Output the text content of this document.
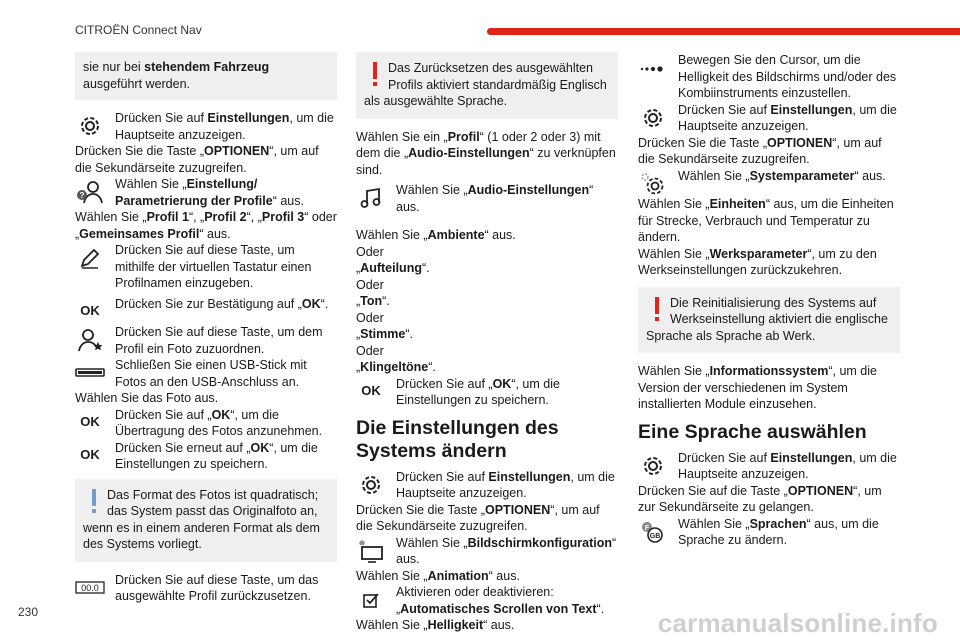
CITROËN Connect Nav
sie nur bei stehendem Fahrzeug ausgeführt werden.
Drücken Sie auf Einstellungen, um die Hauptseite anzuzeigen.

Drücken Sie die Taste „OPTIONEN“, um auf die Sekundärseite zuzugreifen.

?
Wählen Sie „Einstellung/ Parametrierung der Profile“ aus.

Wählen Sie „Profil 1“, „Profil 2“, „Profil 3“ oder „Gemeinsames Profil“ aus.

Drücken Sie auf diese Taste, um mithilfe der virtuellen Tastatur einen Profilnamen einzugeben.
OK	Drücken Sie zur Bestätigung auf „OK“.
Drücken Sie auf diese Taste, um dem Profil ein Foto zuzuordnen.
Schließen Sie einen USB-Stick mit Fotos an den USB-Anschluss an.

Wählen Sie das Foto aus.

OK	Drücken Sie auf „OK“, um die Übertragung des Fotos anzunehmen.
OK	Drücken Sie erneut auf „OK“, um die Einstellungen zu speichern.
Das Format des Fotos ist quadratisch; das System passt das Originalfoto an, wenn es in einem anderen Format als dem des Systems vorliegt.
00.0
Drücken Sie auf diese Taste, um das ausgewählte Profil zurückzusetzen.
Das Zurücksetzen des ausgewählten Profils aktiviert standardmäßig Englisch als ausgewählte Sprache.

Wählen Sie ein „Profil“ (1 oder 2 oder 3) mit dem die „Audio-Einstellungen“ zu verknüpfen sind.

Wählen Sie „Audio-Einstellungen“ aus.

Wählen Sie „Ambiente“ aus.

Oder

„Aufteilung“.

Oder

„Ton“.

Oder

„Stimme“.

Oder

„Klingeltöne“.

OK	Drücken Sie auf „OK“, um die Einstellungen zu speichern.
Die Einstellungen des Systems ändern
Drücken Sie auf Einstellungen, um die Hauptseite anzuzeigen.

Drücken Sie die Taste „OPTIONEN“, um auf die Sekundärseite zuzugreifen.

Wählen Sie „Bildschirmkonfiguration“ aus.

Wählen Sie „Animation“ aus.

Aktivieren oder deaktivieren: „Automatisches Scrollen von Text“.

Wählen Sie „Helligkeit“ aus.

Bewegen Sie den Cursor, um die Helligkeit des Bildschirms und/oder des Kombiinstruments einzustellen.
Drücken Sie auf Einstellungen, um die Hauptseite anzuzeigen.

Drücken Sie die Taste „OPTIONEN“, um auf die Sekundärseite zuzugreifen.

Wählen Sie „Systemparameter“ aus.

Wählen Sie „Einheiten“ aus, um die Einheiten für Strecke, Verbrauch und Temperatur zu ändern.

Wählen Sie „Werksparameter“, um zu den Werkseinstellungen zurückzukehren.

Die Reinitialisierung des Systems auf Werkseinstellung aktiviert die englische Sprache als Sprache ab Werk.

Wählen Sie „Informationssystem“, um die Version der verschiedenen im System installierten Module einzusehen.

Eine Sprache auswählen
Drücken Sie auf Einstellungen, um die Hauptseite anzuzeigen.

Drücken Sie auf die Taste „OPTIONEN“, um zur Sekundärseite zu gelangen.

F
GB
Wählen Sie „Sprachen“ aus, um die Sprache zu ändern.
230	carmanualsonline.info
